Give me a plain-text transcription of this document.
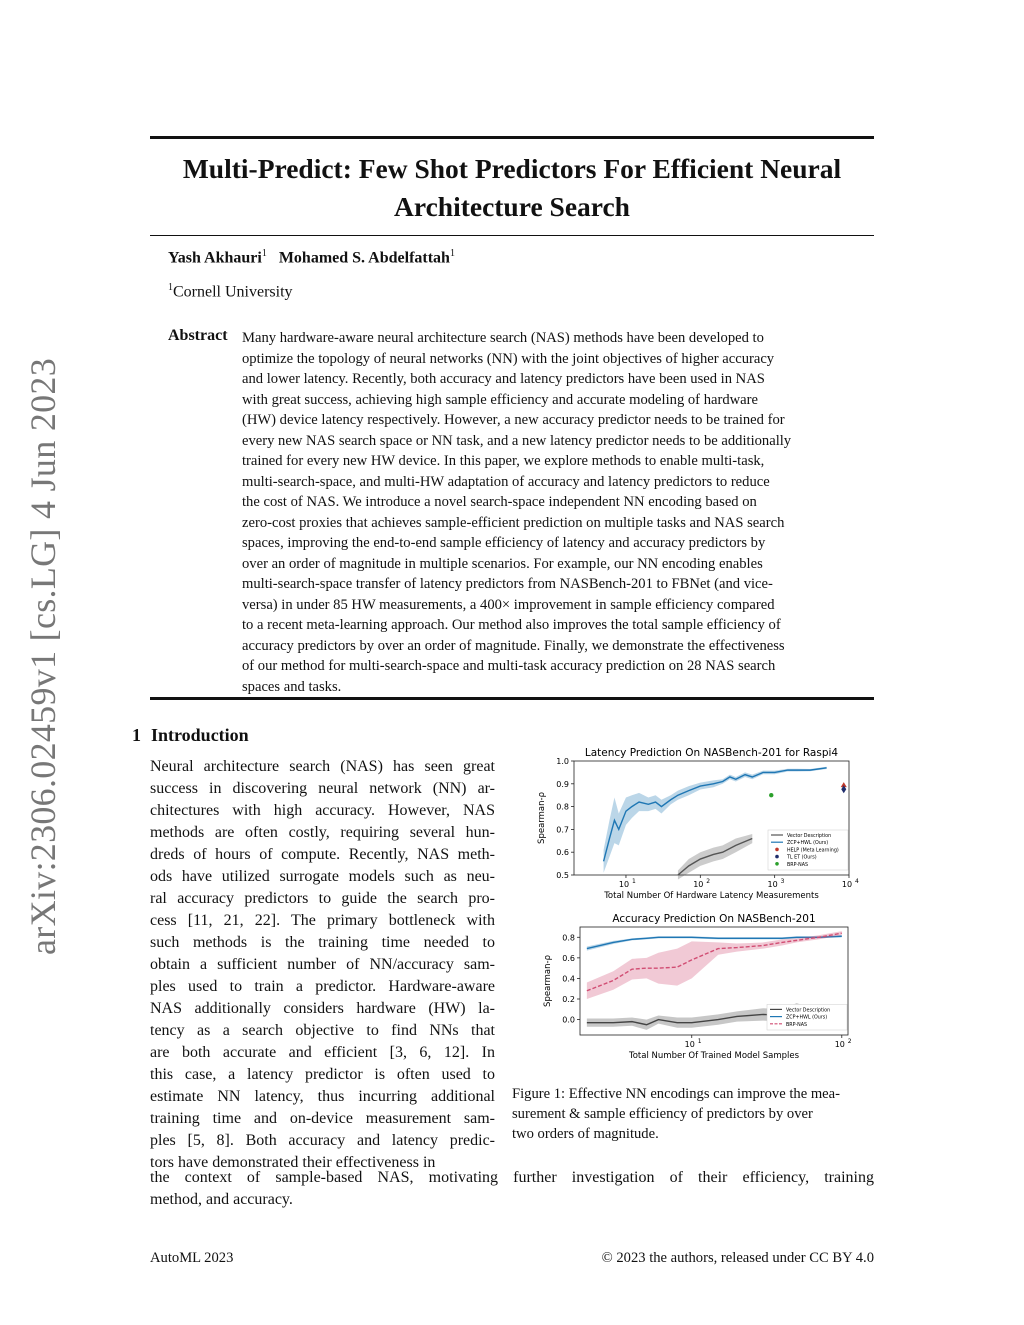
arXiv:2306.02459v1 [cs.LG] 4 Jun 2023
Multi-Predict: Few Shot Predictors For Efficient Neural
Architecture Search
Yash Akhauri$^1$ Mohamed S. Abdelfattah$^1$
$^1$Cornell University
Abstract Many hardware-aware neural architecture search (NAS) methods have been developed to
optimize the topology of neural networks (NN) with the joint objectives of higher accuracy
and lower latency. Recently, both accuracy and latency predictors have been used in NAS
with great success, achieving high sample efficiency and accurate modeling of hardware
(HW) device latency respectively. However, a new accuracy predictor needs to be trained for
every new NAS search space or NN task, and a new latency predictor needs to be additionally
trained for every new HW device. In this paper, we explore methods to enable multi-task,
multi-search-space, and multi-HW adaptation of accuracy and latency predictors to reduce
the cost of NAS. We introduce a novel search-space independent NN encoding based on
zero-cost proxies that achieves sample-efficient prediction on multiple tasks and NAS search
spaces, improving the end-to-end sample efficiency of latency and accuracy predictors by
over an order of magnitude in multiple scenarios. For example, our NN encoding enables
multi-search-space transfer of latency predictors from NASBench-201 to FBNet (and vice-
versa) in under 85 HW measurements, a 400× improvement in sample efficiency compared
to a recent meta-learning approach. Our method also improves the total sample efficiency of
accuracy predictors by over an order of magnitude. Finally, we demonstrate the effectiveness
of our method for multi-search-space and multi-task accuracy prediction on 28 NAS search
spaces and tasks.
1 Introduction
Neural architecture search (NAS) has seen great
success in discovering neural network (NN) ar-
chitectures with high accuracy. However, NAS
methods are often costly, requiring several hun-
dreds of hours of compute. Recently, NAS meth-
ods have utilized surrogate models such as neu-
ral accuracy predictors to guide the search pro-
cess [11, 21, 22]. The primary bottleneck with
such methods is the training time needed to
obtain a sufficient number of NN/accuracy sam-
ples used to train a predictor. Hardware-aware
NAS additionally considers hardware (HW) la-
tency as a search objective to find NNs that
are both accurate and efficient [3, 6, 12]. In
this case, a latency predictor is often used to
estimate NN latency, thus incurring additional
training time and on-device measurement sam-
ples [5, 8]. Both accuracy and latency predic-
tors have demonstrated their effectiveness in
the context of sample-based NAS, motivating further investigation of their efficiency, training
method, and accuracy.
Latency Prediction On NASBench-201 for Raspi4
0.5
0.6
0.7
0.8
0.9
1.0
10 1	10 2	10 3	10 4
Total Number Of Hardware Latency Measurements
Spearman-ρ	Vector Description
ZCP+HWL (Ours)
HELP (Meta Learning)
TL ET (Ours)
BRP-NAS
Accuracy Prediction On NASBench-201
0.0
0.2
0.4
0.6
0.8
10 1	10 2
Total Number Of Trained Model Samples
Spearman-ρ
Vector Description
ZCP+HWL (Ours)
BRP-NAS
Figure 1: Effective NN encodings can improve the mea-
surement & sample efficiency of predictors by over
two orders of magnitude.
AutoML 2023	© 2023 the authors, released under CC BY 4.0
